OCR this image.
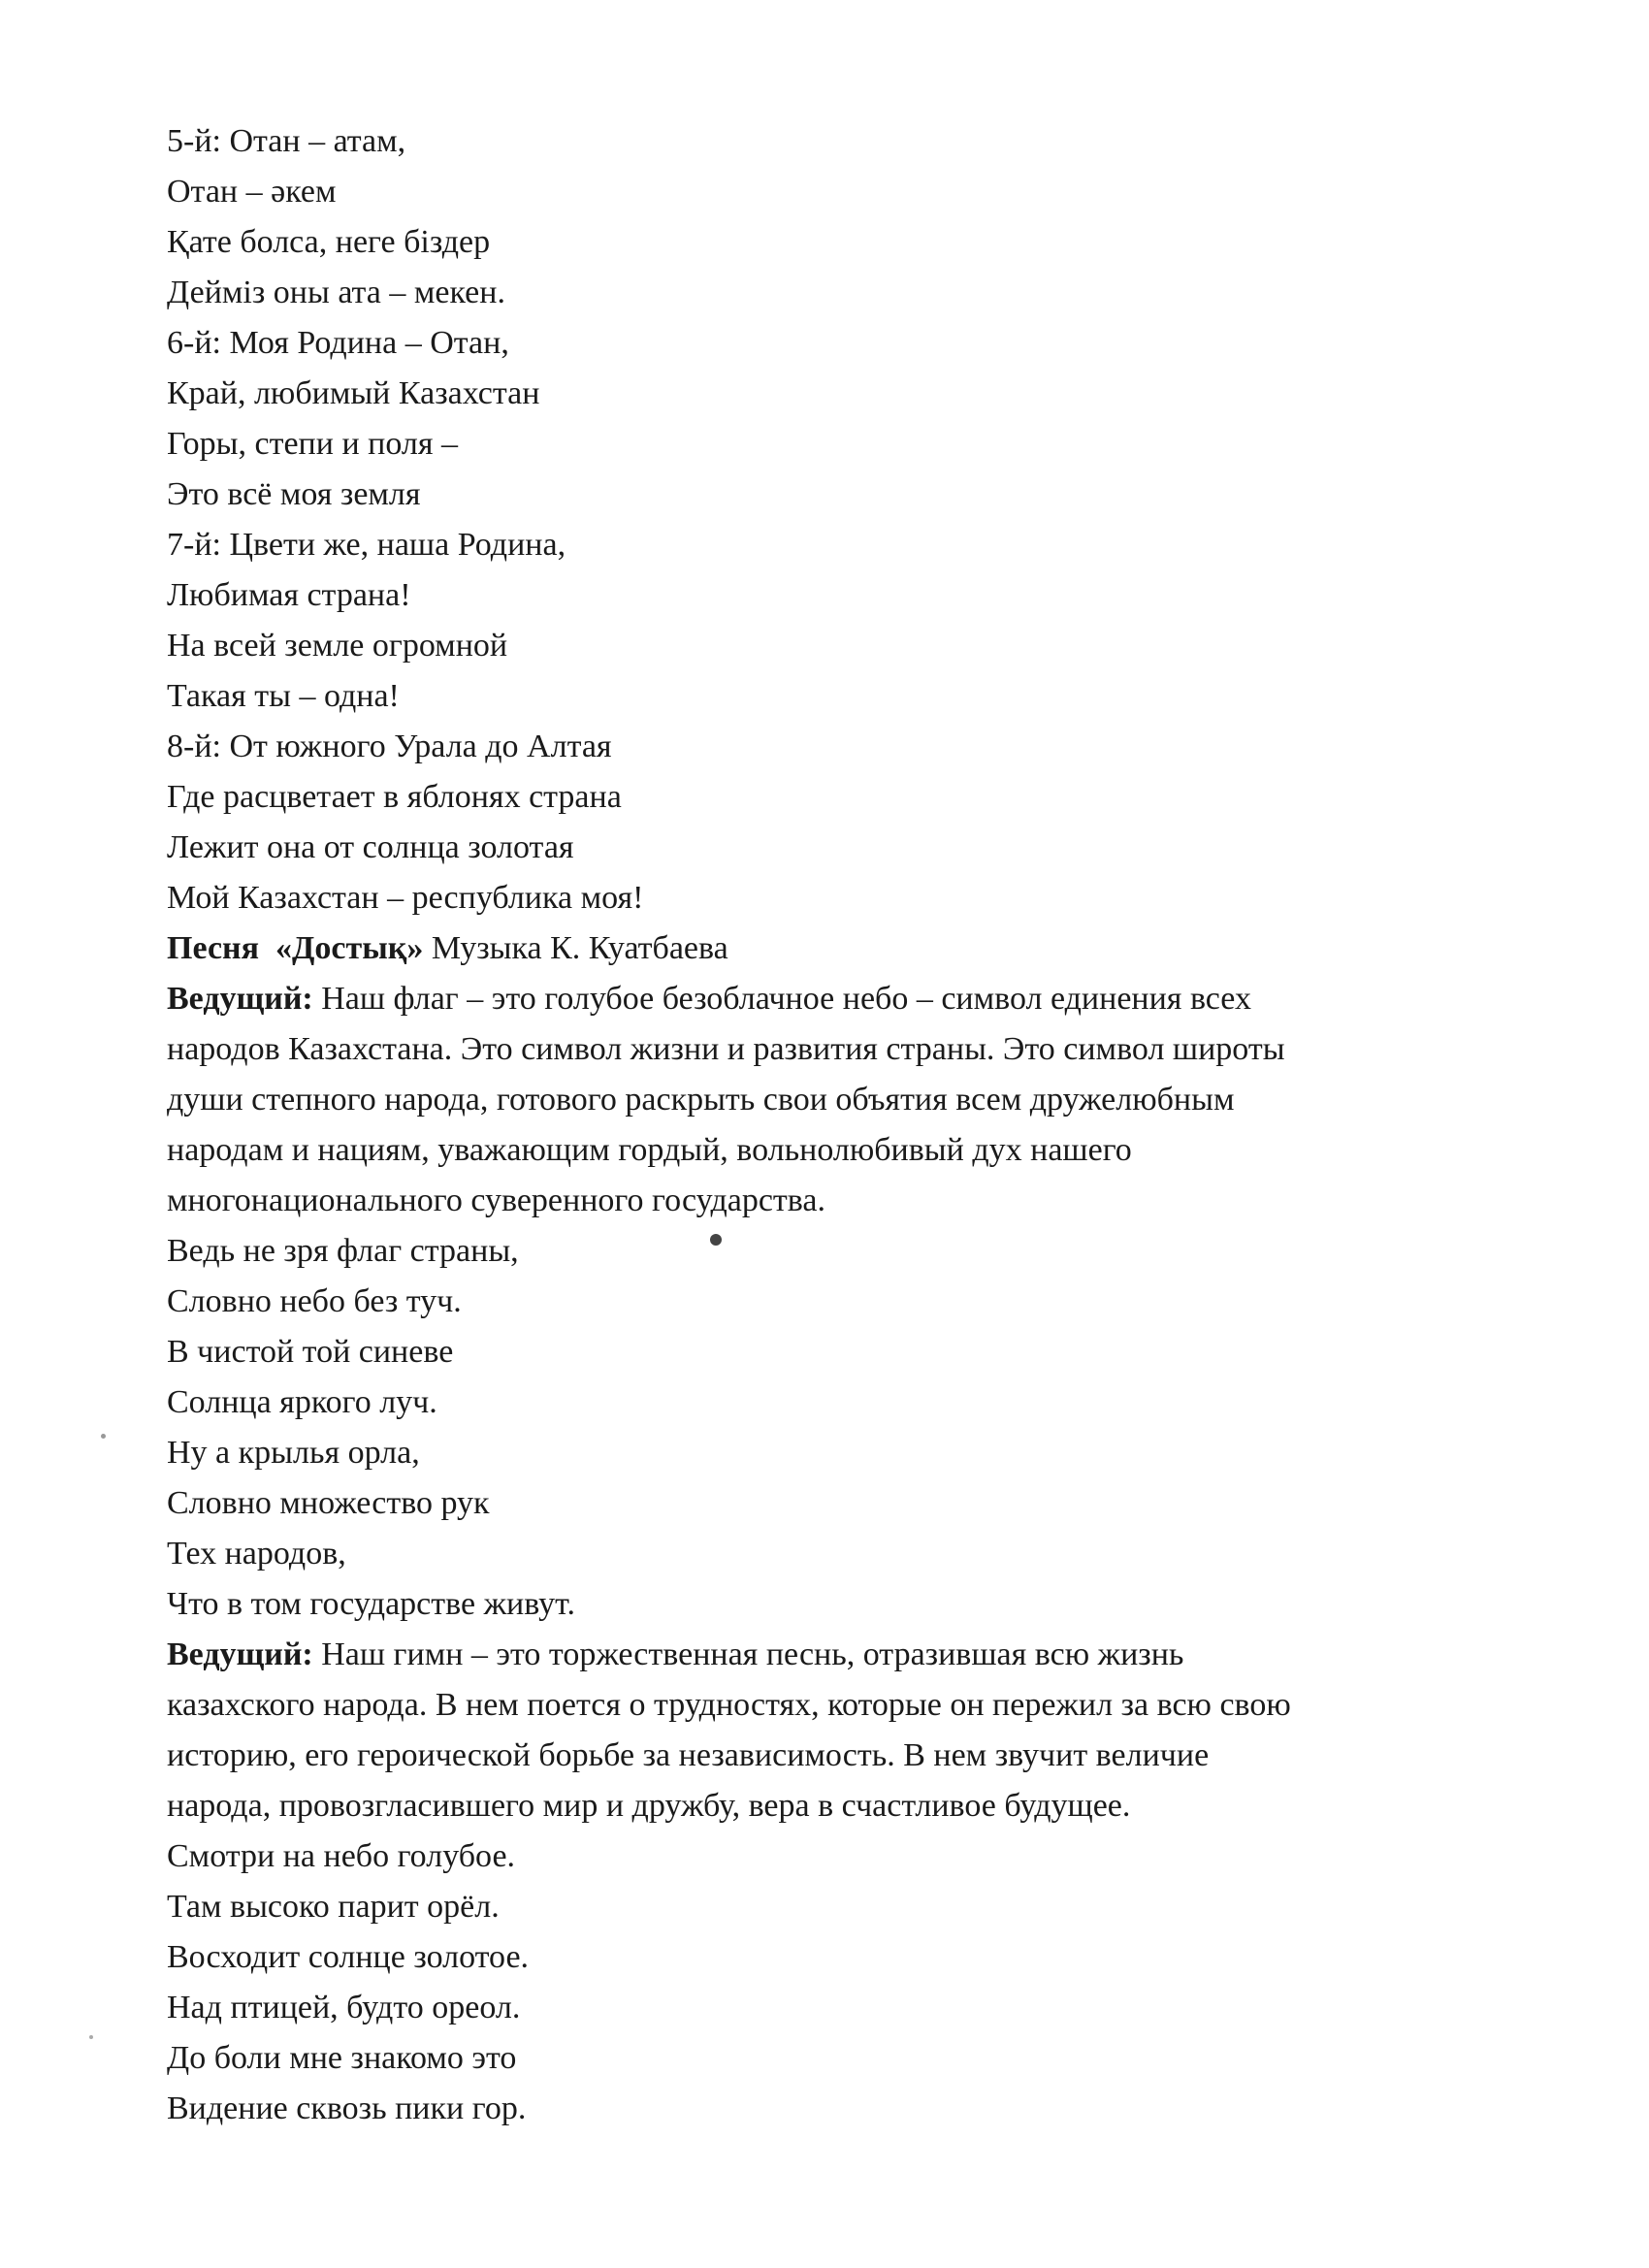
5-й: Отан – атам,
Отан – әкем
Қате болса, неге біздер
Дейміз оны ата – мекен.
6-й: Моя Родина – Отан,
Край, любимый Казахстан
Горы, степи и поля –
Это всё моя земля
7-й: Цвети же, наша Родина,
Любимая страна!
На всей земле огромной
Такая ты – одна!
8-й: От южного Урала до Алтая
Где расцветает в яблонях страна
Лежит она от солнца золотая
Мой Казахстан – республика моя!
Песня «Достық» Музыка К. Куатбаева
Ведущий: Наш флаг – это голубое безоблачное небо – символ единения всех
народов Казахстана. Это символ жизни и развития страны. Это символ широты
души степного народа, готового раскрыть свои объятия всем дружелюбным
народам и нациям, уважающим гордый, вольнолюбивый дух нашего
многонационального суверенного государства.
Ведь не зря флаг страны,
Словно небо без туч.
В чистой той синеве
Солнца яркого луч.
Ну а крылья орла,
Словно множество рук
Тех народов,
Что в том государстве живут.
Ведущий: Наш гимн – это торжественная песнь, отразившая всю жизнь
казахского народа. В нем поется о трудностях, которые он пережил за всю свою
историю, его героической борьбе за независимость. В нем звучит величие
народа, провозгласившего мир и дружбу, вера в счастливое будущее.
Смотри на небо голубое.
Там высоко парит орёл.
Восходит солнце золотое.
Над птицей, будто ореол.
До боли мне знакомо это
Видение сквозь пики гор.
